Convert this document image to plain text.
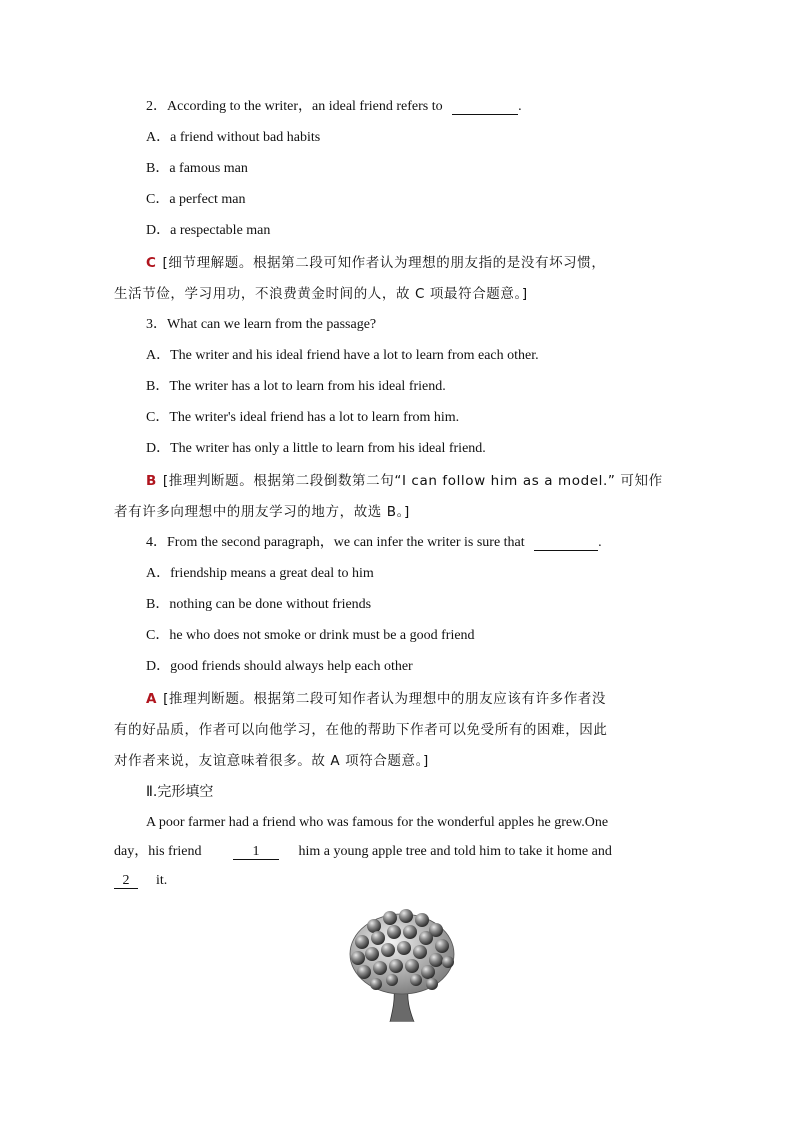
2．According to the writer，an ideal friend refers to	.
A．a friend without bad habits
B．a famous man
C．a perfect man
D．a respectable man
C [细节理解题。根据第二段可知作者认为理想的朋友指的是没有坏习惯，
生活节俭，学习用功，不浪费黄金时间的人，故 C 项最符合题意。]
3．What can we learn from the passage?
A．The writer and his ideal friend have a lot to learn from each other.
B．The writer has a lot to learn from his ideal friend.
C．The writer's ideal friend has a lot to learn from him.
D．The writer has only a little to learn from his ideal friend.
B [推理判断题。根据第二段倒数第二句“I can follow him as a model.” 可知作
者有许多向理想中的朋友学习的地方，故选 B。]
4．From the second paragraph，we can infer the writer is sure that	.
A．friendship means a great deal to him
B．nothing can be done without friends
C．he who does not smoke or drink must be a good friend
D．good friends should always help each other
A [推理判断题。根据第二段可知作者认为理想中的朋友应该有许多作者没
有的好品质，作者可以向他学习，在他的帮助下作者可以免受所有的困难，因此
对作者来说，友谊意味着很多。故 A 项符合题意。]
Ⅱ.完形填空
A poor farmer had a friend who was famous for the wonderful apples he grew.One
day，his friend	1	him a young apple tree and told him to take it home and
2 it.
